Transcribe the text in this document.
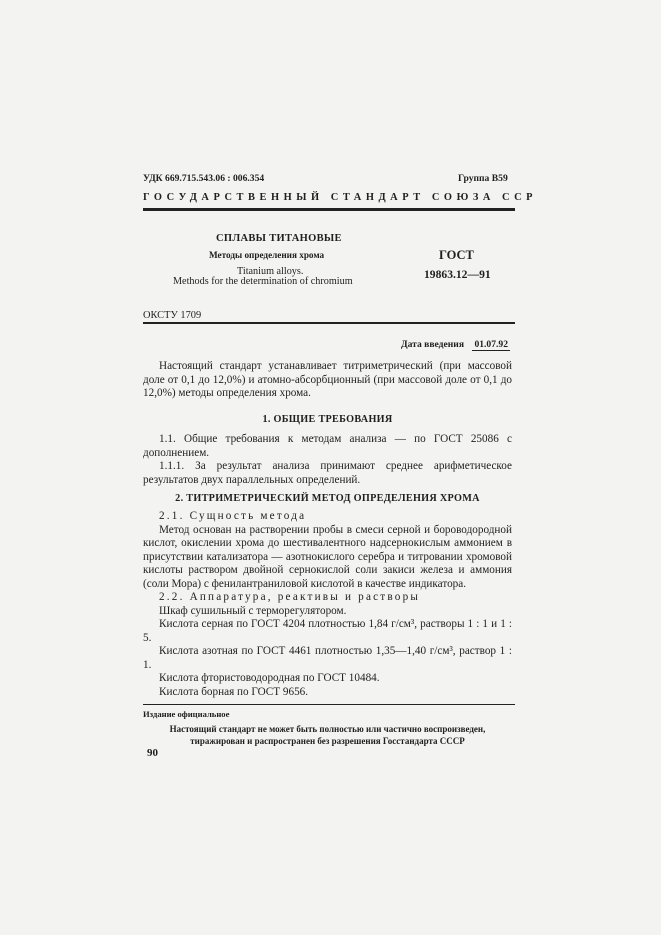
УДК 669.715.543.06 : 006.354	Группа В59
ГОСУДАРСТВЕННЫЙ СТАНДАРТ СОЮЗА ССР
СПЛАВЫ ТИТАНОВЫЕ
Методы определения хрома
Titanium alloys.
Methods for the determination of chromium
ГОСТ
19863.12—91
ОКСТУ 1709
Дата введения 01.07.92

Настоящий стандарт устанавливает титриметрический (при массовой доле от 0,1 до 12,0%) и атомно-абсорбционный (при массовой доле от 0,1 до 12,0%) методы определения хрома.

1. ОБЩИЕ ТРЕБОВАНИЯ

1.1. Общие требования к методам анализа — по ГОСТ 25086 с дополнением.

1.1.1. За результат анализа принимают среднее арифметическое результатов двух параллельных определений.

2. ТИТРИМЕТРИЧЕСКИЙ МЕТОД ОПРЕДЕЛЕНИЯ ХРОМА

2.1. Сущность метода

Метод основан на растворении пробы в смеси серной и бороводородной кислот, окислении хрома до шестивалентного надсернокислым аммонием в присутствии катализатора — азотнокислого серебра и титровании хромовой кислоты раствором двойной сернокислой соли закиси железа и аммония (соли Мора) с фенилантраниловой кислотой в качестве индикатора.

2.2. Аппаратура, реактивы и растворы

Шкаф сушильный с терморегулятором.

Кислота серная по ГОСТ 4204 плотностью 1,84 г/см³, растворы 1 : 1 и 1 : 5.

Кислота азотная по ГОСТ 4461 плотностью 1,35—1,40 г/см³, раствор 1 : 1.

Кислота фтористоводородная по ГОСТ 10484.

Кислота борная по ГОСТ 9656.

Издание официальное
Настоящий стандарт не может быть полностью или частично воспроизведен, тиражирован и распространен без разрешения Госстандарта СССР
90
